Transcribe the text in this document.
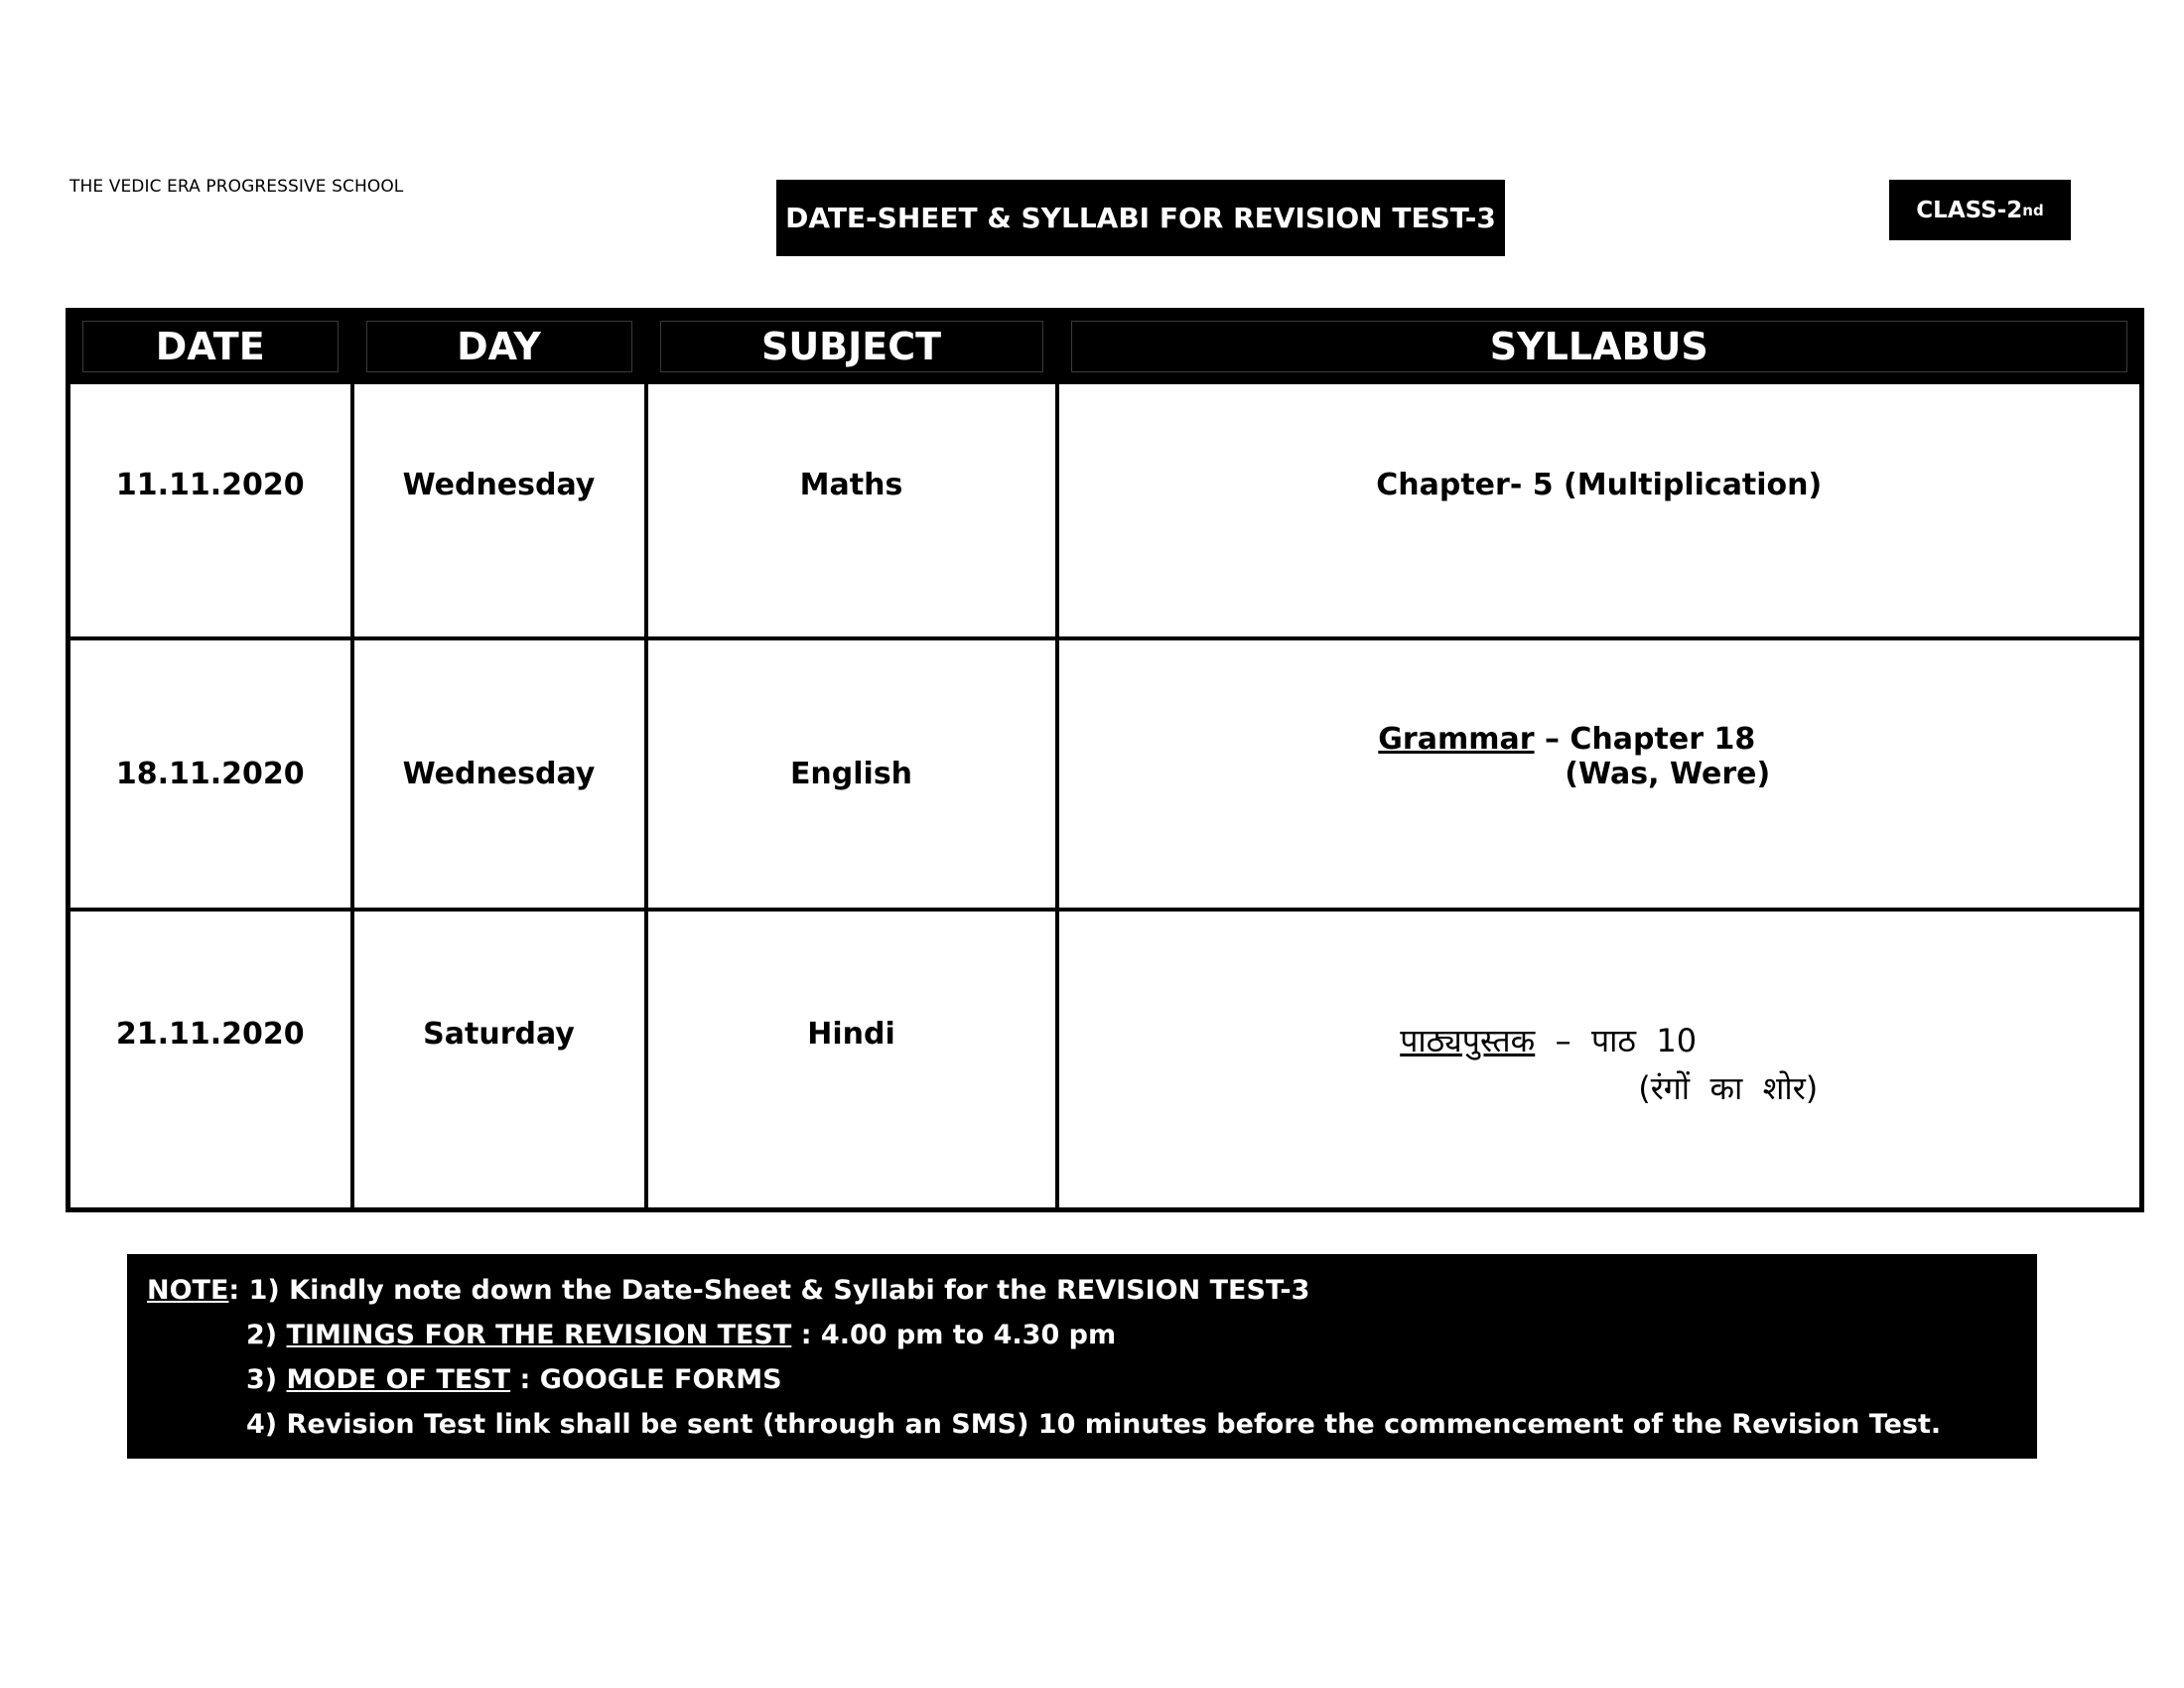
THE VEDIC ERA PROGRESSIVE SCHOOL
DATE-SHEET & SYLLABI FOR REVISION TEST-3	CLASS-2 nd
DATE	DAY	SUBJECT	SYLLABUS
11.11.2020	Wednesday	Maths	Chapter- 5 (Multiplication)

18.11.2020	Wednesday	English	Grammar – Chapter 18
(Was, Were)

21.11.2020	Saturday	Hindi	पाठ्यपुस्तक  –  पाठ  10
(रंगों  का  शोर)
NOTE: 1) Kindly note down the Date-Sheet & Syllabi for the REVISION TEST-3
2) TIMINGS FOR THE REVISION TEST : 4.00 pm to 4.30 pm
3) MODE OF TEST : GOOGLE FORMS
4) Revision Test link shall be sent (through an SMS) 10 minutes before the commencement of the Revision Test.
